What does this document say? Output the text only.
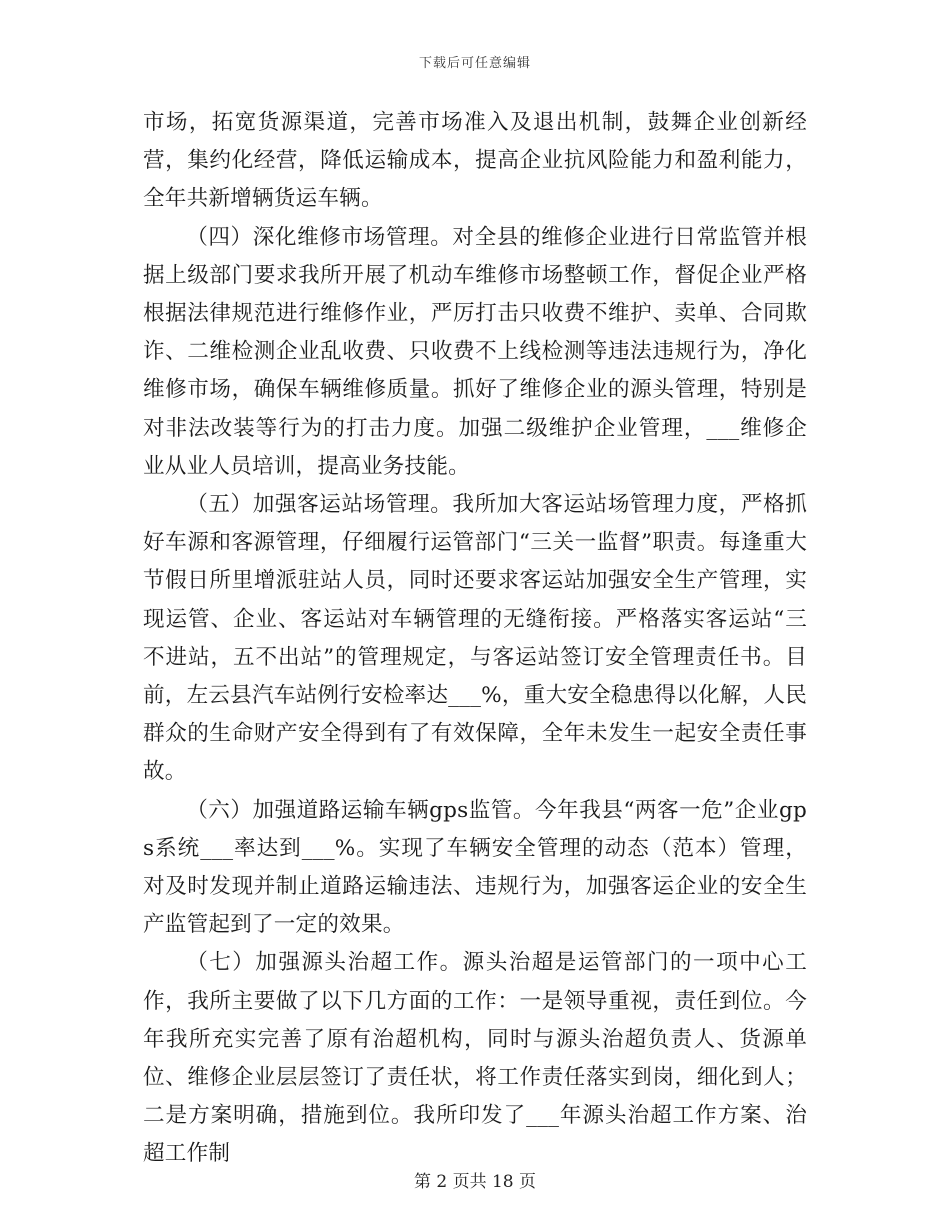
下载后可任意编辑

市场，拓宽货源渠道，完善市场准入及退出机制，鼓舞企业创新经营，集约化经营，降低运输成本，提高企业抗风险能力和盈利能力，全年共新增辆货运车辆。

（四）深化维修市场管理。对全县的维修企业进行日常监管并根据上级部门要求我所开展了机动车维修市场整顿工作，督促企业严格根据法律规范进行维修作业，严厉打击只收费不维护、卖单、合同欺诈、二维检测企业乱收费、只收费不上线检测等违法违规行为，净化维修市场，确保车辆维修质量。抓好了维修企业的源头管理，特别是对非法改装等行为的打击力度。加强二级维护企业管理，___维修企业从业人员培训，提高业务技能。

（五）加强客运站场管理。我所加大客运站场管理力度，严格抓好车源和客源管理，仔细履行运管部门“三关一监督”职责。每逢重大节假日所里增派驻站人员，同时还要求客运站加强安全生产管理，实现运管、企业、客运站对车辆管理的无缝衔接。严格落实客运站“三不进站，五不出站”的管理规定，与客运站签订安全管理责任书。目前，左云县汽车站例行安检率达___%，重大安全稳患得以化解，人民群众的生命财产安全得到有了有效保障，全年未发生一起安全责任事故。

（六）加强道路运输车辆gps监管。今年我县“两客一危”企业gps系统___率达到___%。实现了车辆安全管理的动态（范本）管理，对及时发现并制止道路运输违法、违规行为，加强客运企业的安全生产监管起到了一定的效果。

（七）加强源头治超工作。源头治超是运管部门的一项中心工作，我所主要做了以下几方面的工作：一是领导重视，责任到位。今年我所充实完善了原有治超机构，同时与源头治超负责人、货源单位、维修企业层层签订了责任状，将工作责任落实到岗，细化到人；二是方案明确，措施到位。我所印发了___年源头治超工作方案、治超工作制

第 2 页共 18 页
